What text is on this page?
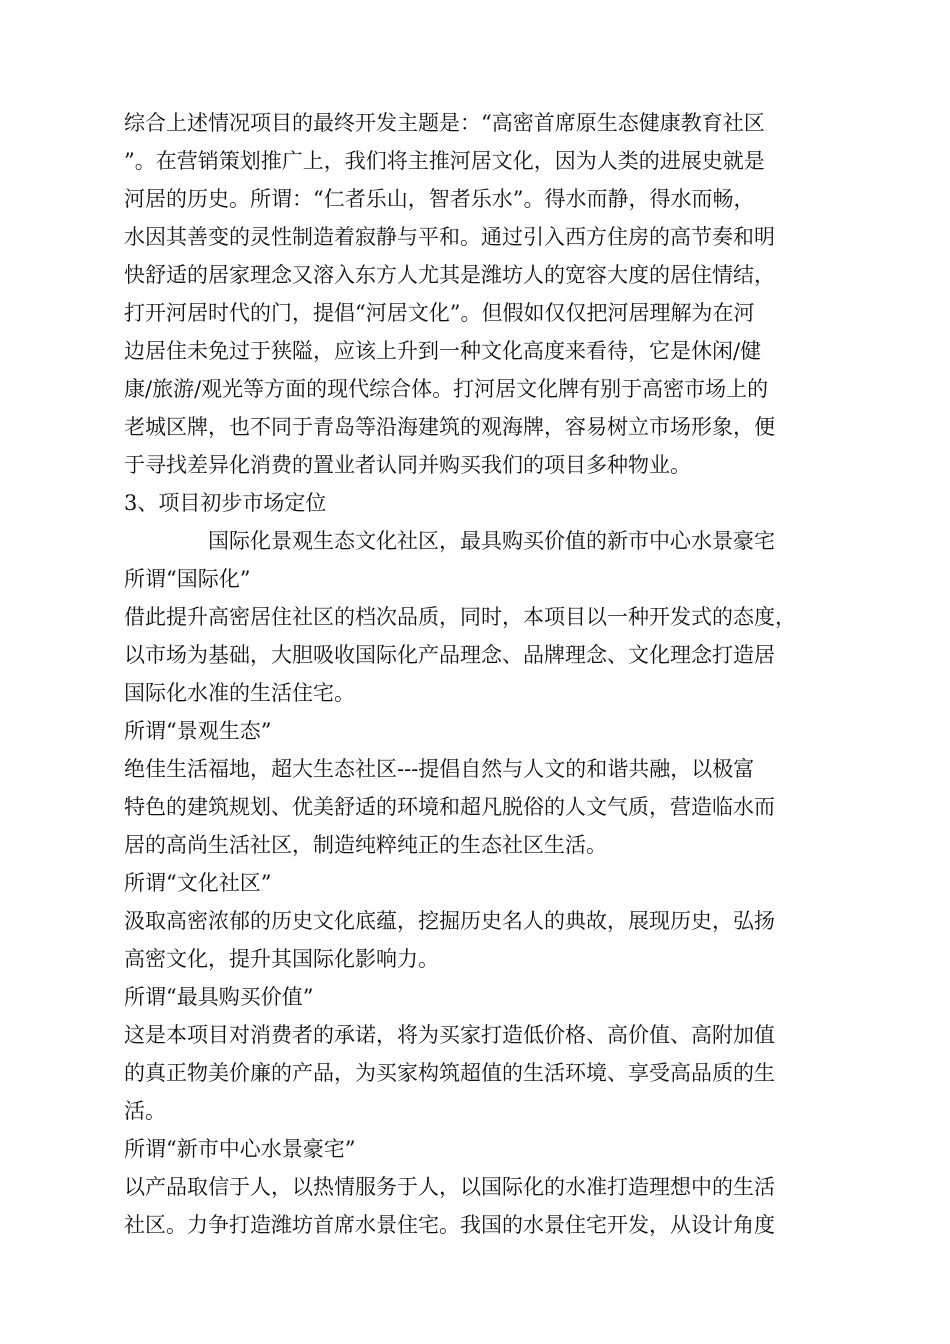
综合上述情况项目的最终开发主题是：“高密首席原生态健康教育社区
”。在营销策划推广上，我们将主推河居文化，因为人类的进展史就是
河居的历史。所谓：“仁者乐山，智者乐水”。得水而静，得水而畅，
水因其善变的灵性制造着寂静与平和。通过引入西方住房的高节奏和明
快舒适的居家理念又溶入东方人尤其是潍坊人的宽容大度的居住情结，
打开河居时代的门，提倡“河居文化”。但假如仅仅把河居理解为在河
边居住未免过于狭隘，应该上升到一种文化高度来看待，它是休闲/健
康/旅游/观光等方面的现代综合体。打河居文化牌有别于高密市场上的
老城区牌，也不同于青岛等沿海建筑的观海牌，容易树立市场形象，便
于寻找差异化消费的置业者认同并购买我们的项目多种物业。
3、项目初步市场定位
国际化景观生态文化社区，最具购买价值的新市中心水景豪宅
所谓“国际化”
借此提升高密居住社区的档次品质，同时，本项目以一种开发式的态度，
以市场为基础，大胆吸收国际化产品理念、品牌理念、文化理念打造居
国际化水准的生活住宅。
所谓“景观生态”
绝佳生活福地，超大生态社区---提倡自然与人文的和谐共融，以极富
特色的建筑规划、优美舒适的环境和超凡脱俗的人文气质，营造临水而
居的高尚生活社区，制造纯粹纯正的生态社区生活。
所谓“文化社区”
汲取高密浓郁的历史文化底蕴，挖掘历史名人的典故，展现历史，弘扬
高密文化，提升其国际化影响力。
所谓“最具购买价值”
这是本项目对消费者的承诺，将为买家打造低价格、高价值、高附加值
的真正物美价廉的产品，为买家构筑超值的生活环境、享受高品质的生
活。
所谓“新市中心水景豪宅”
以产品取信于人，以热情服务于人，以国际化的水准打造理想中的生活
社区。力争打造潍坊首席水景住宅。我国的水景住宅开发，从设计角度
